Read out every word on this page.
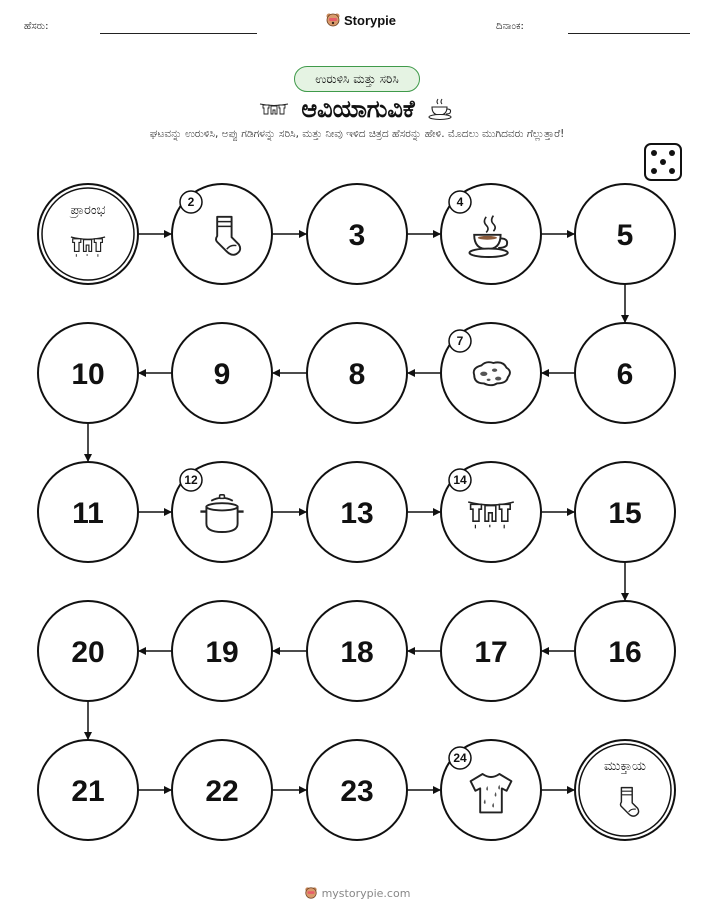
ಹೆಸರು:	Storypie	ದಿನಾಂಕ:
ಉರುಳಿಸಿ ಮತ್ತು ಸರಿಸಿ
ಆವಿಯಾಗುವಿಕೆ
ಘಟವನ್ನು ಉರುಳಿಸಿ, ಅಪ್ಪು ಗಡಿಗಳನ್ನು ಸರಿಸಿ, ಮತ್ತು ನೀವು ಇಳಿದ ಚಿತ್ರದ ಹೆಸರನ್ನು ಹೇಳಿ. ಮೊದಲು ಮುಗಿದವರು ಗೆಲ್ಲುತ್ತಾರೆ!
ಪ್ರಾರಂಭ
2
3
4
5
6
7
8
9
10
11
12
13
14
15
16
17
18
19
20
21	22	23
24
ಮುಕ್ತಾಯ
mystorypie.com
